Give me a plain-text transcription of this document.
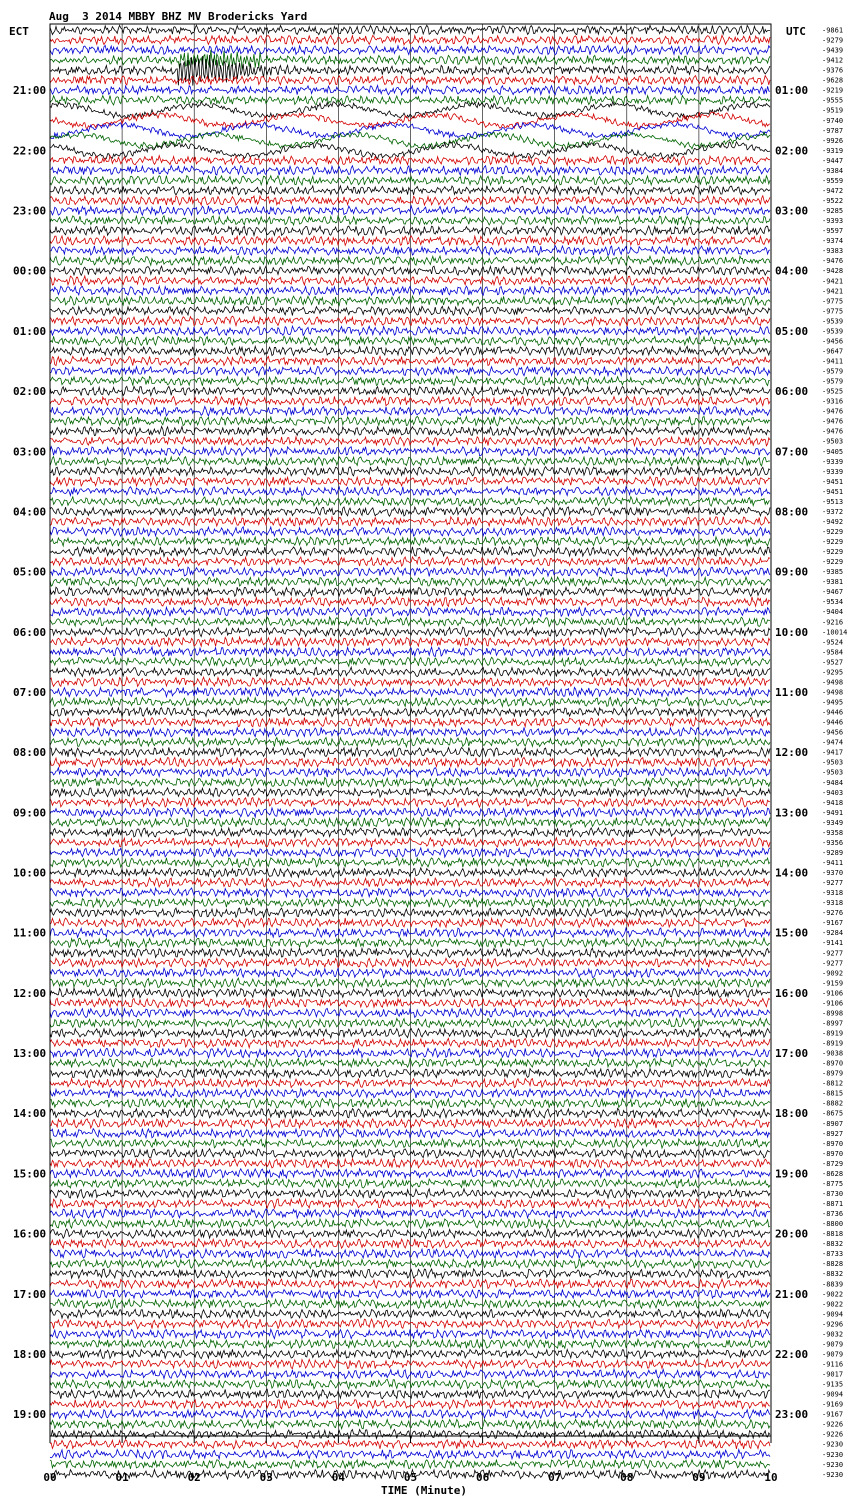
Aug  3 2014 MBBY BHZ MV Brodericks Yard
ECT	UTC -9861
-9279
-9439
-9412
-9376
-9628
-9219
-9555
-9519
-9740
-9787
-9926
-9319
-9447
-9384
-9559
-9472
-9522
-9285
-9393
-9597
-9374
-9383
-9476
-9428
-9421
-9421
-9775
-9775
-9539
-9539
-9456
-9647
-9411
-9579
-9579
-9525
-9316
-9476
-9476
-9476
-9503
-9405
-9339
-9339
-9451
-9451
-9513
-9372
-9492
-9229
-9229
-9229
-9229
-9385
-9381
-9467
-9534
-9404
-9216
-10014
-9524
-9584
-9527
-9295
-9498
-9498
-9495
-9446
-9446
-9456
-9474
-9417
-9503
-9503
-9484
-9403
-9418
-9491
-9349
-9358
-9356
-9289
-9411
-9370
-9277
-9318
-9318
-9276
-9167
-9284
-9141
-9277
-9277
-9092
-9159
-9106
-9106
-8998
-8997
-8919
-8919
-9038
-8970
-8979
-8812
-8815
-8882
-8675
-8907
-8927
-8970
-8970
-8729
-8628
-8775
-8730
-8871
-8736
-8800
-8818
-8832
-8733
-8828
-8832
-8839
-9022
-9022
-9094
-9296
-9032
-9079
-9079
-9116
-9017
-9135
-9094
-9169
-9167
-9226
-9226
-9230
-9230
-9230
-9230
21:00	01:00
22:00	02:00
23:00	03:00
00:00	04:00
01:00	05:00
02:00	06:00
03:00	07:00
04:00	08:00
05:00	09:00
06:00	10:00
07:00	11:00
08:00	12:00
09:00	13:00
10:00	14:00
11:00	15:00
12:00	16:00
13:00	17:00
14:00	18:00
15:00	19:00
16:00	20:00
17:00	21:00
18:00	22:00
19:00	23:00
00	01	02	03	04	05	06	07	08	09	10
TIME (Minute)
